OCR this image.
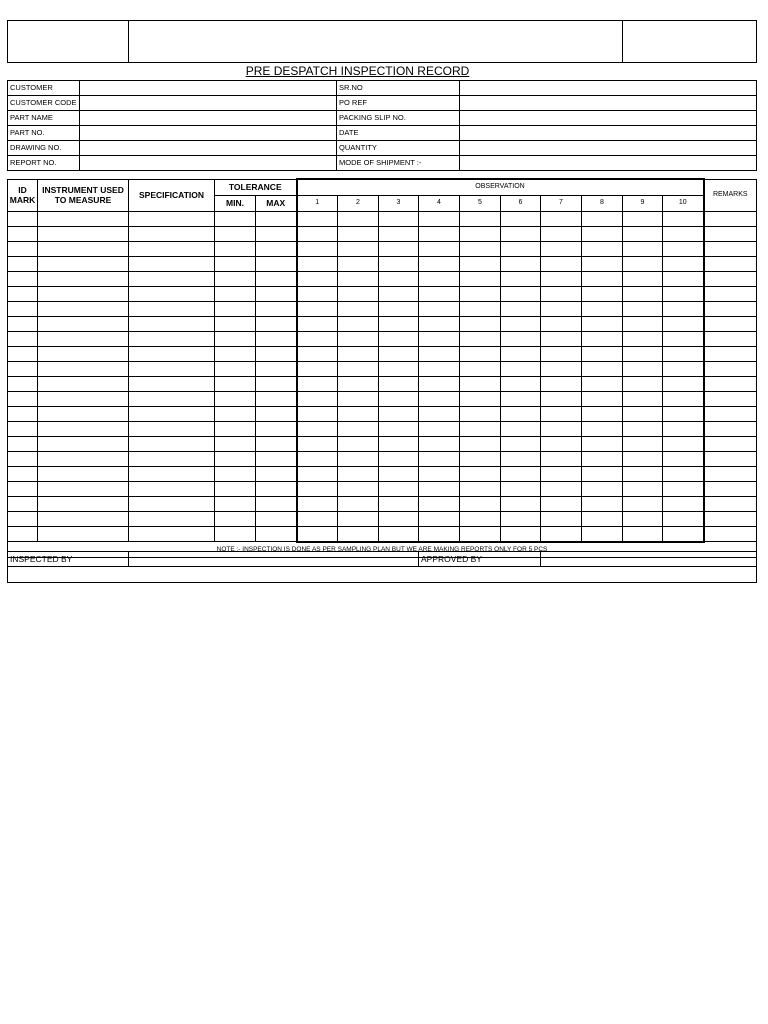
PRE DESPATCH INSPECTION RECORD
CUSTOMER		SR.NO	
CUSTOMER CODE		PO REF	
PART NAME		PACKING SLIP NO.	
PART NO.		DATE	
DRAWING NO.		QUANTITY	
REPORT NO.		MODE OF SHIPMENT :-	
ID MARK	INSTRUMENT USED TO MEASURE	SPECIFICATION	TOLERANCE		OBSERVATION										REMARKS
			MIN.	MAX	1	2	3	4	5	6	7	8	9	10	

NOTE :- INSPECTION IS DONE AS PER SAMPLING PLAN BUT WE ARE MAKING REPORTS ONLY FOR 5 PCS															
INSPECTED BY		APPROVED BY	
